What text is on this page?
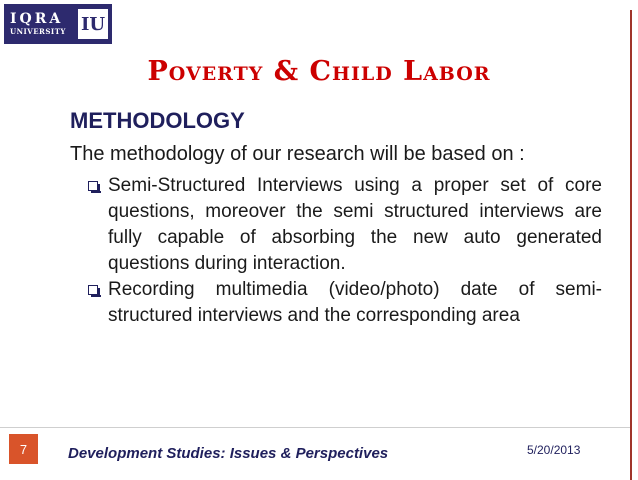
IQRA
UNIVERSITY IU
Poverty & Child Labor
METHODOLOGY
The methodology of our research will be based on :
Semi-Structured Interviews using a proper set of core questions, moreover the semi structured interviews are fully capable of absorbing the new auto generated questions during interaction.
Recording multimedia (video/photo) date of semi-structured interviews and the corresponding area
7	Development Studies: Issues & Perspectives	5/20/2013
